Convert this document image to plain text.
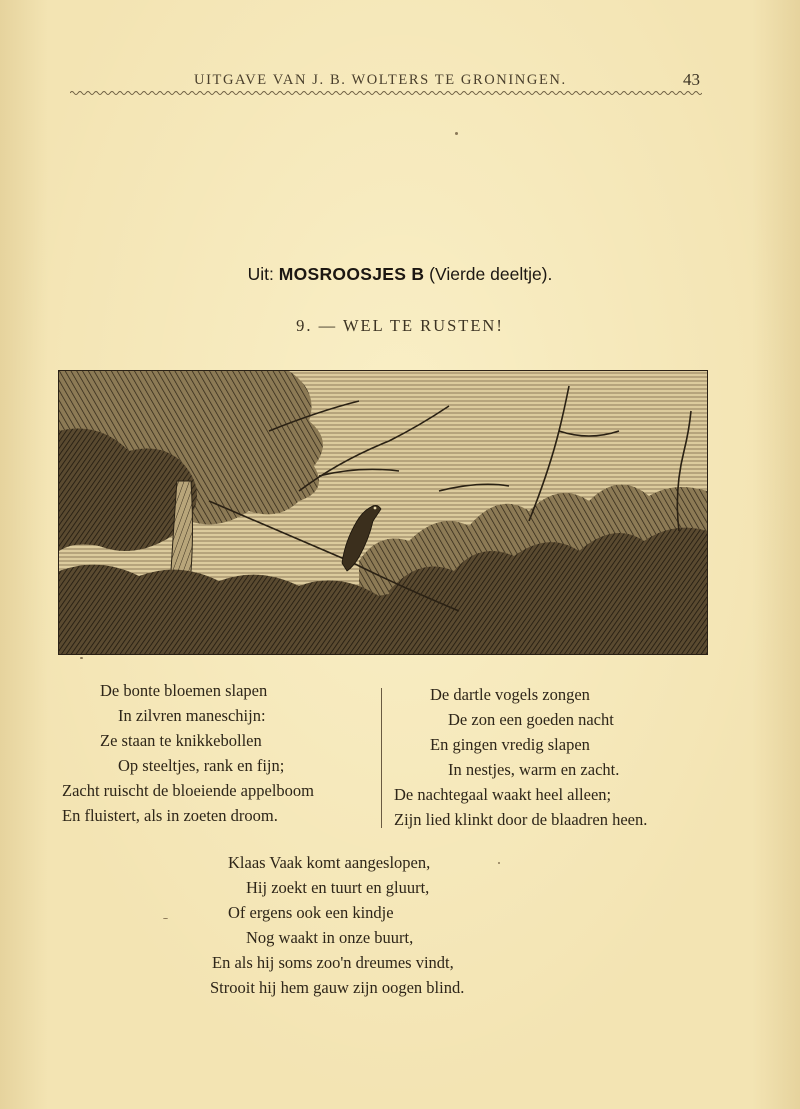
UITGAVE VAN J. B. WOLTERS TE GRONINGEN.	43
Uit: MOSROOSJES B (Vierde deeltje).
9. — WEL TE RUSTEN!
De bonte bloemen slapen
In zilvren maneschijn:
Ze staan te knikkebollen
Op steeltjes, rank en fijn;
Zacht ruischt de bloeiende appelboom
En fluistert, als in zoeten droom.
De dartle vogels zongen
De zon een goeden nacht
En gingen vredig slapen
In nestjes, warm en zacht.
De nachtegaal waakt heel alleen;
Zijn lied klinkt door de blaadren heen.
Klaas Vaak komt aangeslopen,
Hij zoekt en tuurt en gluurt,
Of ergens ook een kindje
Nog waakt in onze buurt,
En als hij soms zoo'n dreumes vindt,
Strooit hij hem gauw zijn oogen blind.
